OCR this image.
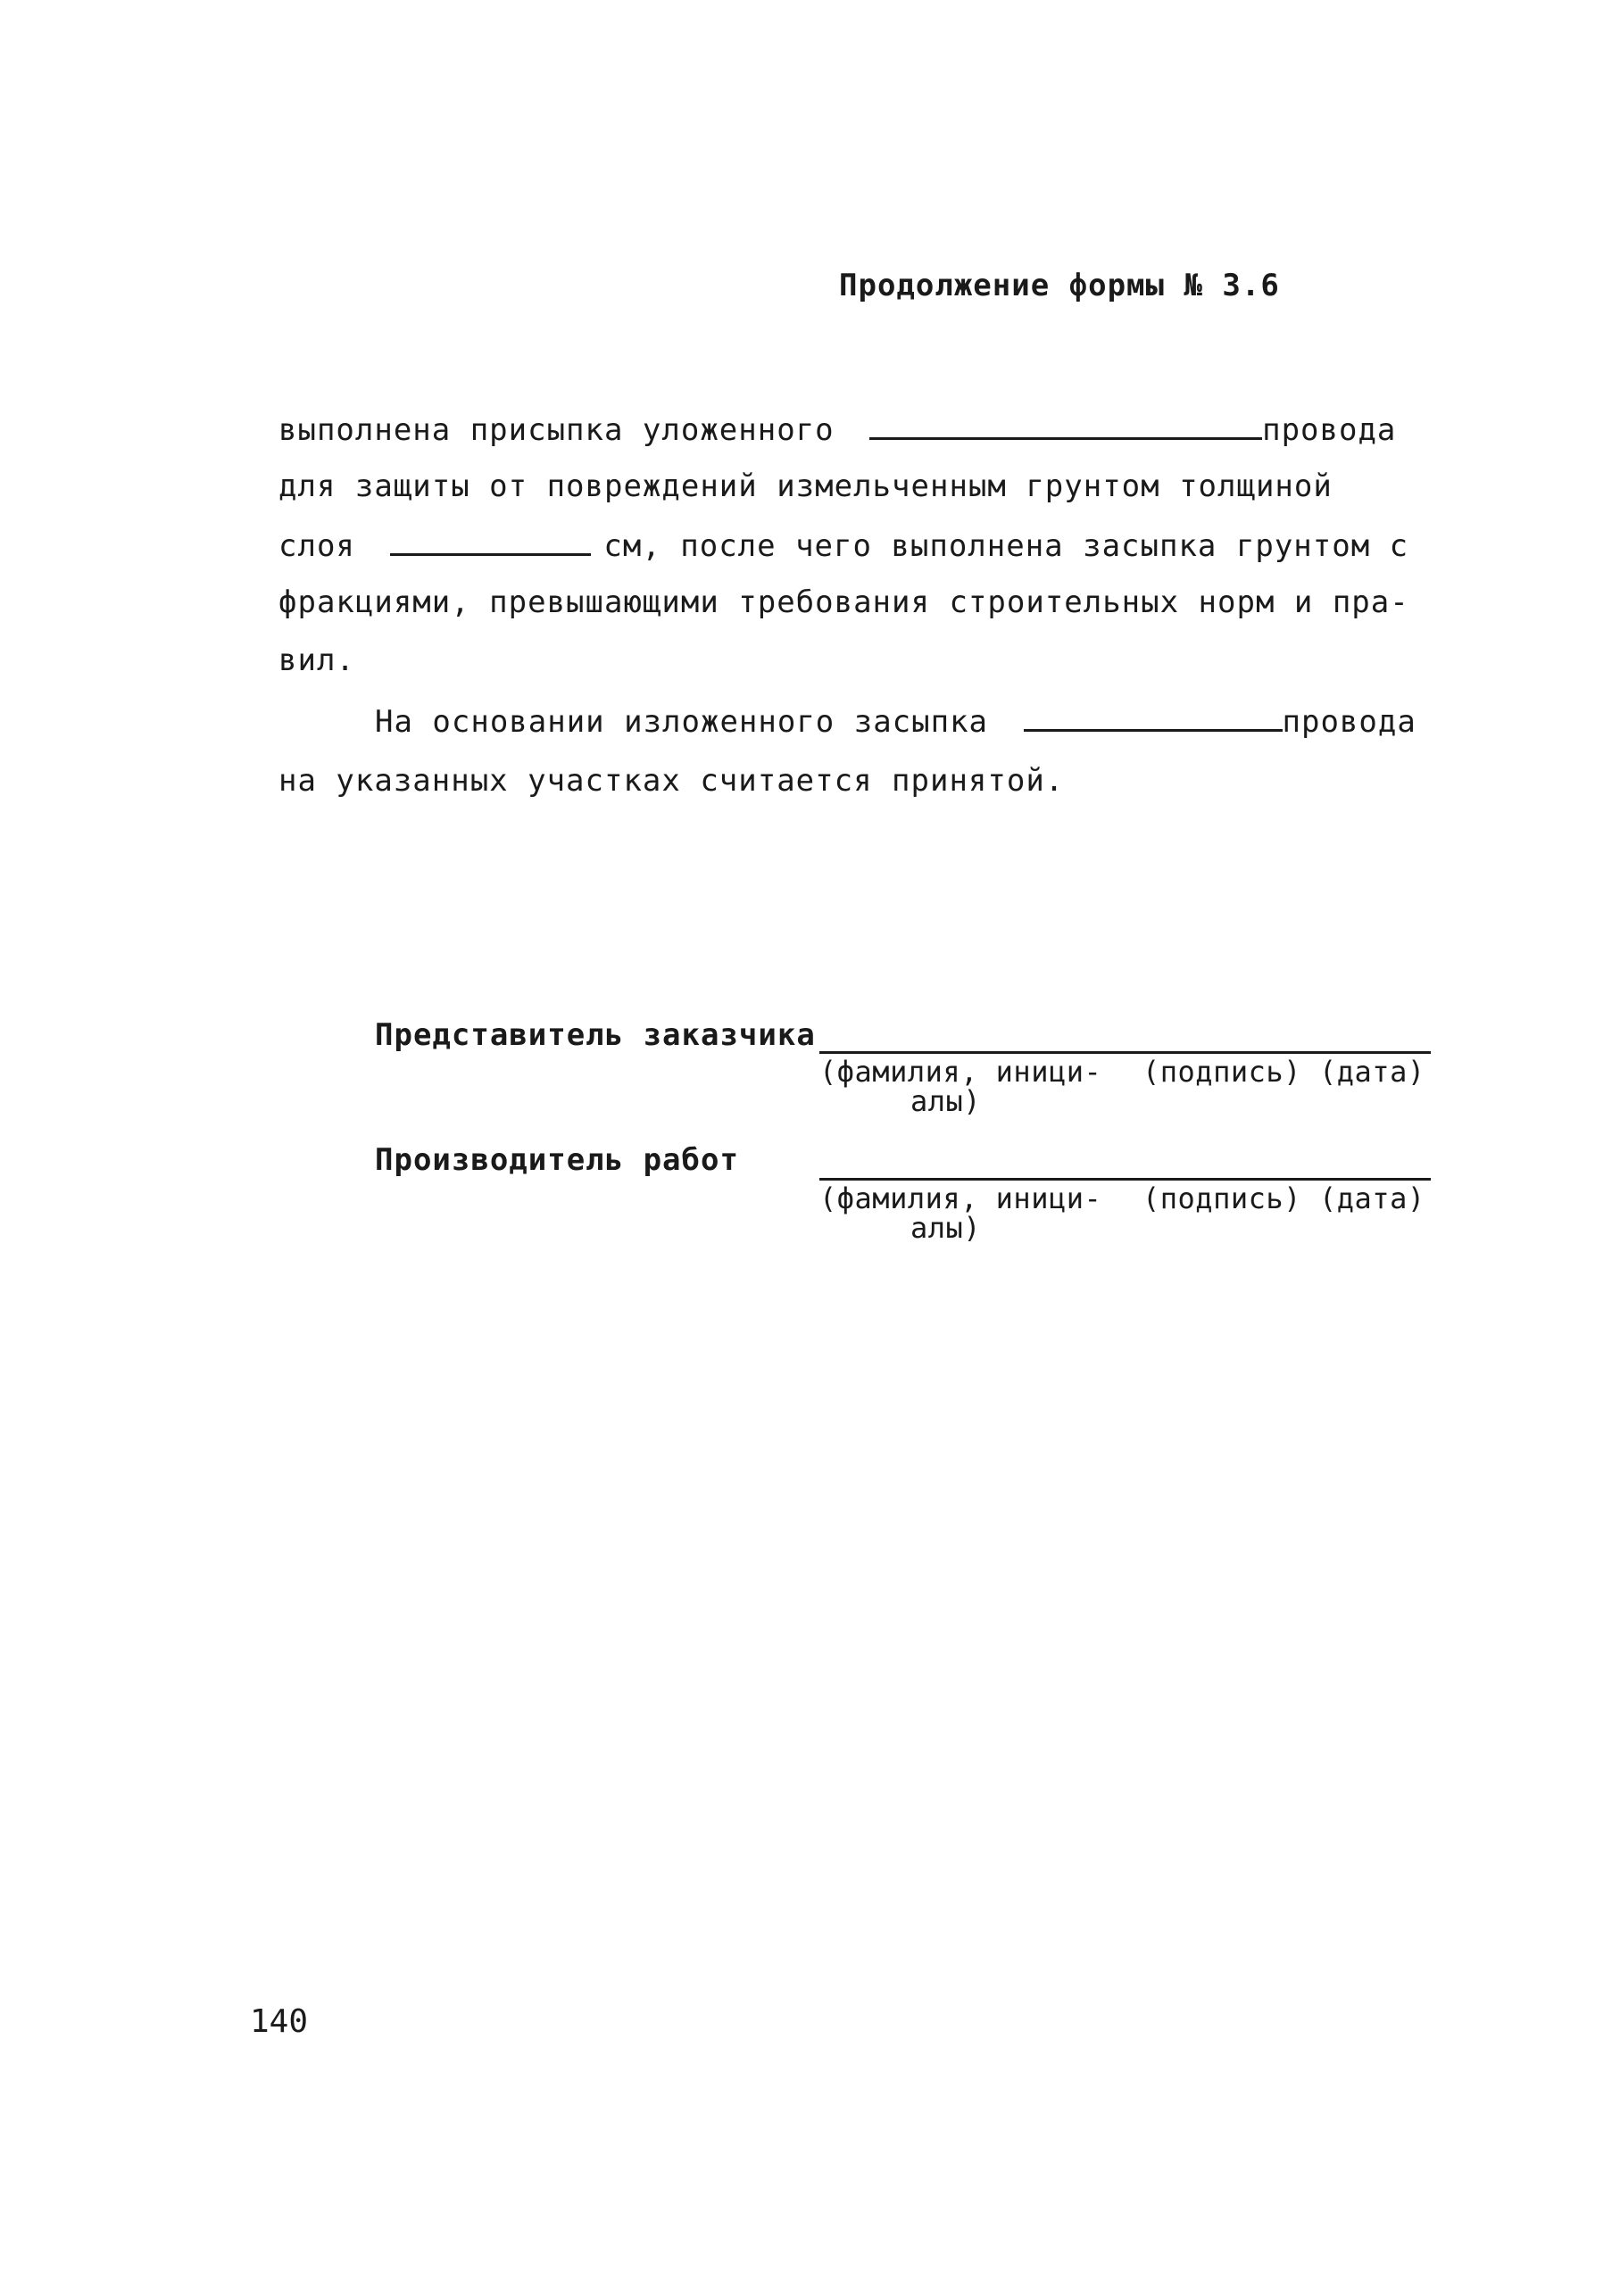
Продолжение формы № 3.6
выполнена присыпка уложенного	провода
для защиты от повреждений измельченным грунтом толщиной
слоя	см, после чего выполнена засыпка грунтом с
фракциями, превышающими требования строительных норм и пра-
вил.
На основании изложенного засыпка	провода
на указанных участках считается принятой.
Представитель заказчика
(фамилия, иници-
алы)
(подпись) (дата)
Производитель работ
(фамилия, иници-
алы)
(подпись) (дата)
140
